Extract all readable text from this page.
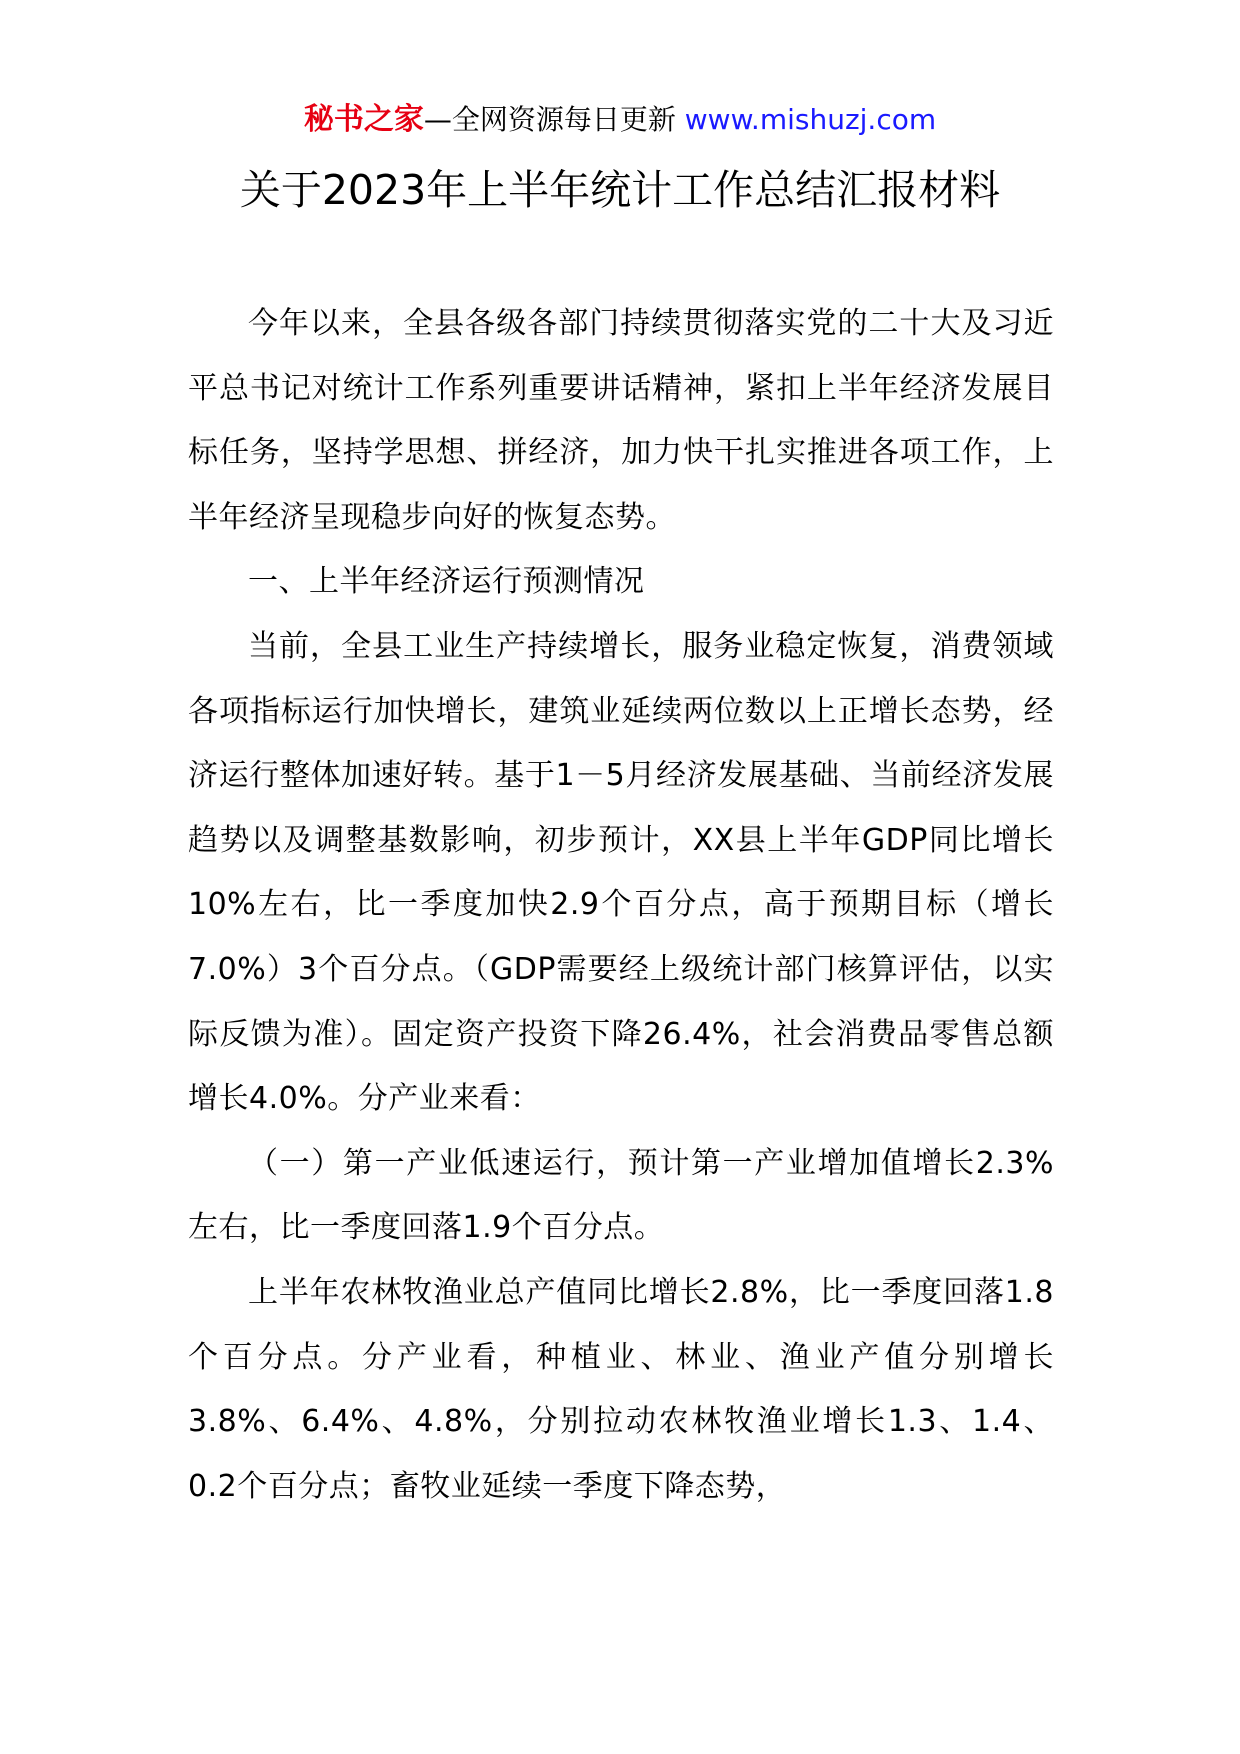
秘书之家—全网资源每日更新 www.mishuzj.com
关于2023年上半年统计工作总结汇报材料

今年以来，全县各级各部门持续贯彻落实党的二十大及习近平总书记对统计工作系列重要讲话精神，紧扣上半年经济发展目标任务，坚持学思想、拼经济，加力快干扎实推进各项工作，上半年经济呈现稳步向好的恢复态势。

一、上半年经济运行预测情况

当前，全县工业生产持续增长，服务业稳定恢复，消费领域各项指标运行加快增长，建筑业延续两位数以上正增长态势，经济运行整体加速好转。基于1－5月经济发展基础、当前经济发展趋势以及调整基数影响，初步预计，XX县上半年GDP同比增长10%左右，比一季度加快2.9个百分点，高于预期目标（增长7.0%）3个百分点。（GDP需要经上级统计部门核算评估，以实际反馈为准）。固定资产投资下降26.4%，社会消费品零售总额增长4.0%。分产业来看：

（一）第一产业低速运行，预计第一产业增加值增长2.3%左右，比一季度回落1.9个百分点。

上半年农林牧渔业总产值同比增长2.8%，比一季度回落1.8个百分点。分产业看，种植业、林业、渔业产值分别增长3.8%、6.4%、4.8%，分别拉动农林牧渔业增长1.3、1.4、0.2个百分点；畜牧业延续一季度下降态势，
